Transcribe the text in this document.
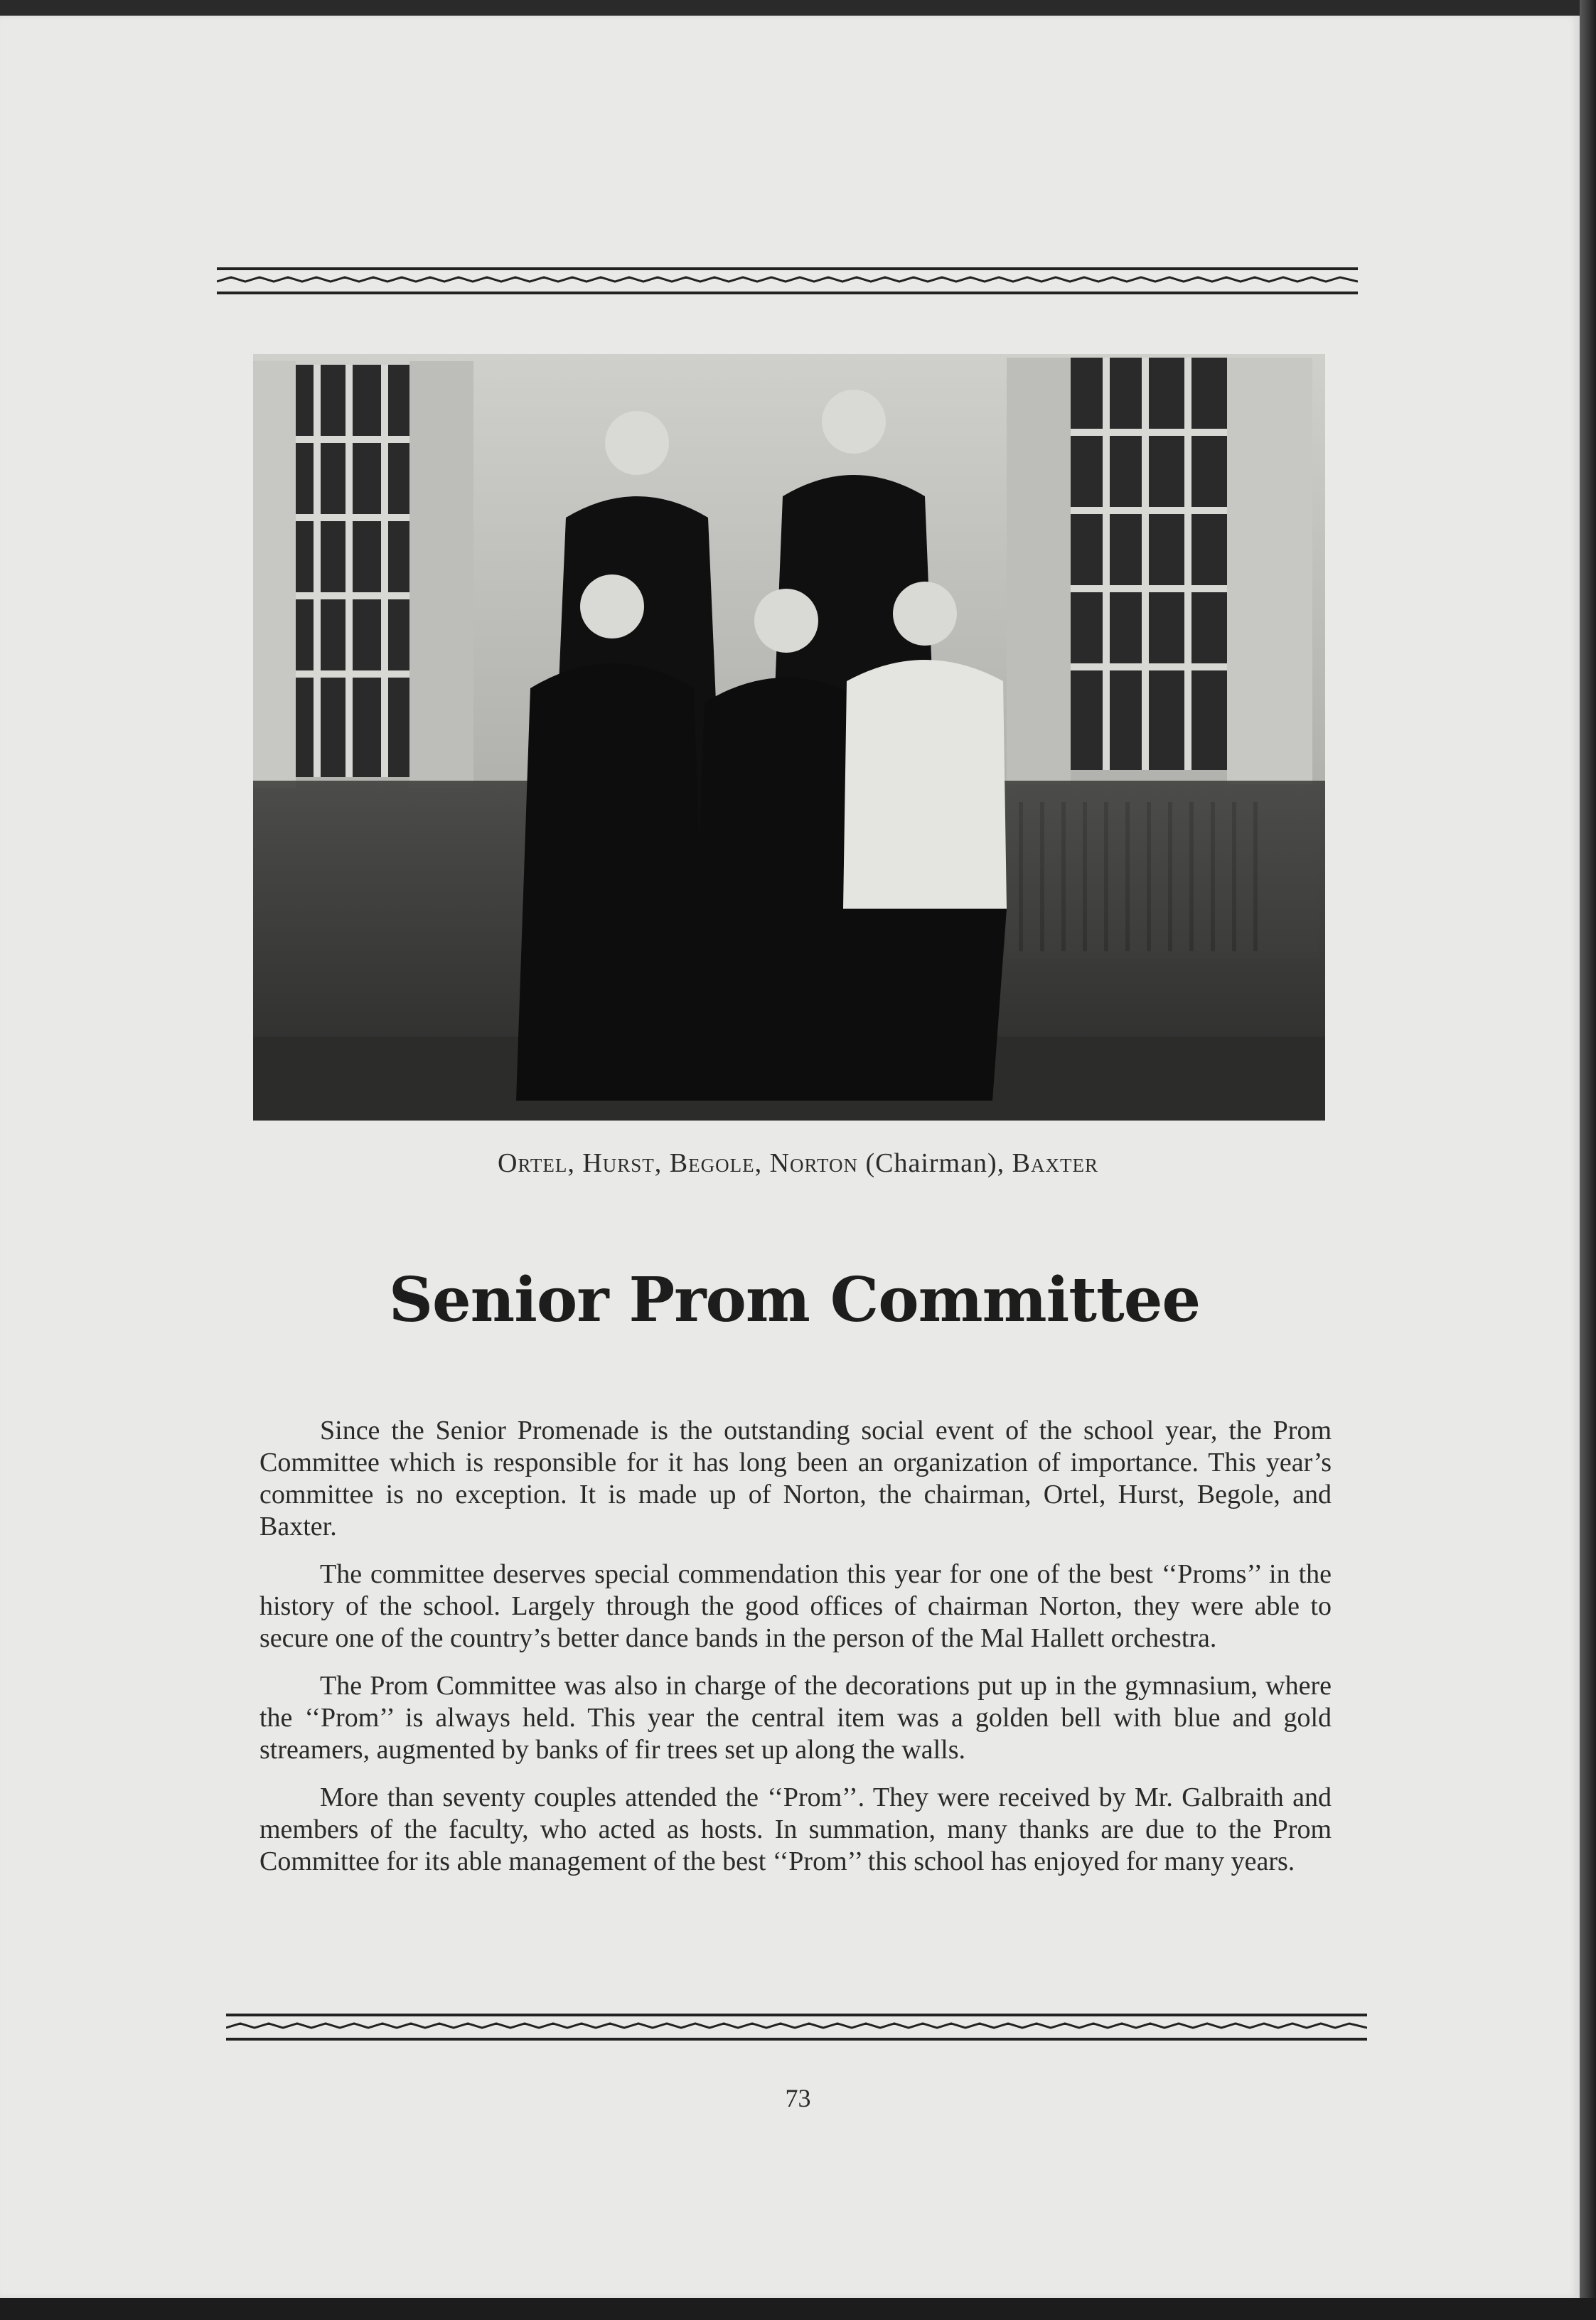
Ortel, Hurst, Begole, Norton (Chairman), Baxter
Senior Prom Committee

Since the Senior Promenade is the outstanding social event of the school year, the Prom Committee which is responsible for it has long been an organization of importance. This year’s committee is no exception. It is made up of Norton, the chairman, Ortel, Hurst, Begole, and Baxter.

The committee deserves special commendation this year for one of the best ‘‘Proms’’ in the history of the school. Largely through the good offices of chairman Norton, they were able to secure one of the country’s better dance bands in the person of the Mal Hallett orchestra.

The Prom Committee was also in charge of the decorations put up in the gymnasium, where the ‘‘Prom’’ is always held. This year the central item was a golden bell with blue and gold streamers, augmented by banks of fir trees set up along the walls.

More than seventy couples attended the ‘‘Prom’’. They were received by Mr. Galbraith and members of the faculty, who acted as hosts. In summation, many thanks are due to the Prom Committee for its able management of the best ‘‘Prom’’ this school has enjoyed for many years.

73
